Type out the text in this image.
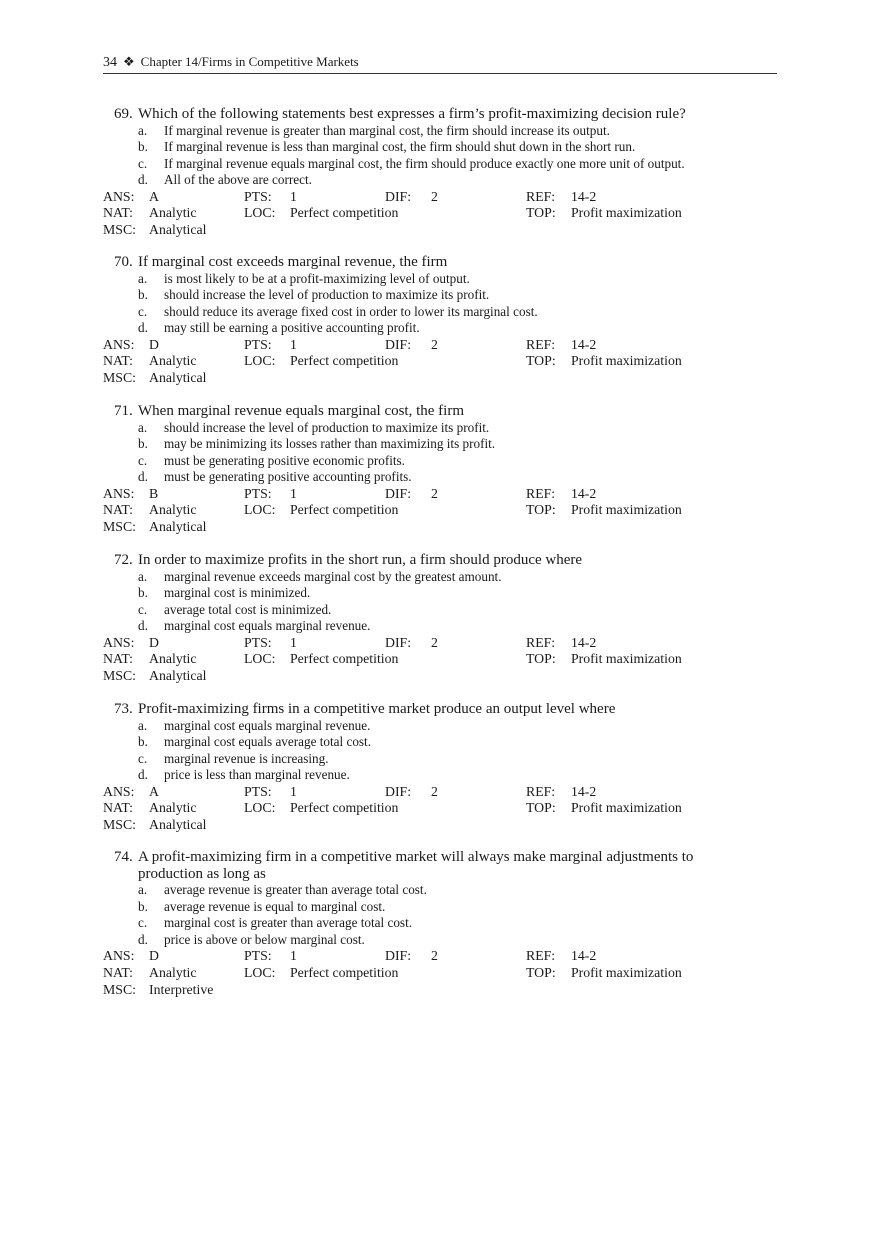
34 ❖ Chapter 14/Firms in Competitive Markets
69. Which of the following statements best expresses a firm’s profit-maximizing decision rule?
a. If marginal revenue is greater than marginal cost, the firm should increase its output.
b. If marginal revenue is less than marginal cost, the firm should shut down in the short run.
c. If marginal revenue equals marginal cost, the firm should produce exactly one more unit of output.
d. All of the above are correct.
ANS: A	PTS: 1	DIF: 2	REF: 14-2
NAT: Analytic	LOC: Perfect competition	TOP: Profit maximization
MSC: Analytical
70. If marginal cost exceeds marginal revenue, the firm
a. is most likely to be at a profit-maximizing level of output.
b. should increase the level of production to maximize its profit.
c. should reduce its average fixed cost in order to lower its marginal cost.
d. may still be earning a positive accounting profit.
ANS: D	PTS: 1	DIF: 2	REF: 14-2
NAT: Analytic	LOC: Perfect competition	TOP: Profit maximization
MSC: Analytical
71. When marginal revenue equals marginal cost, the firm
a. should increase the level of production to maximize its profit.
b. may be minimizing its losses rather than maximizing its profit.
c. must be generating positive economic profits.
d. must be generating positive accounting profits.
ANS: B	PTS: 1	DIF: 2	REF: 14-2
NAT: Analytic	LOC: Perfect competition	TOP: Profit maximization
MSC: Analytical
72. In order to maximize profits in the short run, a firm should produce where
a. marginal revenue exceeds marginal cost by the greatest amount.
b. marginal cost is minimized.
c. average total cost is minimized.
d. marginal cost equals marginal revenue.
ANS: D	PTS: 1	DIF: 2	REF: 14-2
NAT: Analytic	LOC: Perfect competition	TOP: Profit maximization
MSC: Analytical
73. Profit-maximizing firms in a competitive market produce an output level where
a. marginal cost equals marginal revenue.
b. marginal cost equals average total cost.
c. marginal revenue is increasing.
d. price is less than marginal revenue.
ANS: A	PTS: 1	DIF: 2	REF: 14-2
NAT: Analytic	LOC: Perfect competition	TOP: Profit maximization
MSC: Analytical
74. A profit-maximizing firm in a competitive market will always make marginal adjustments to
production as long as
a. average revenue is greater than average total cost.
b. average revenue is equal to marginal cost.
c. marginal cost is greater than average total cost.
d. price is above or below marginal cost.
ANS: D	PTS: 1	DIF: 2	REF: 14-2
NAT: Analytic	LOC: Perfect competition	TOP: Profit maximization
MSC: Interpretive
